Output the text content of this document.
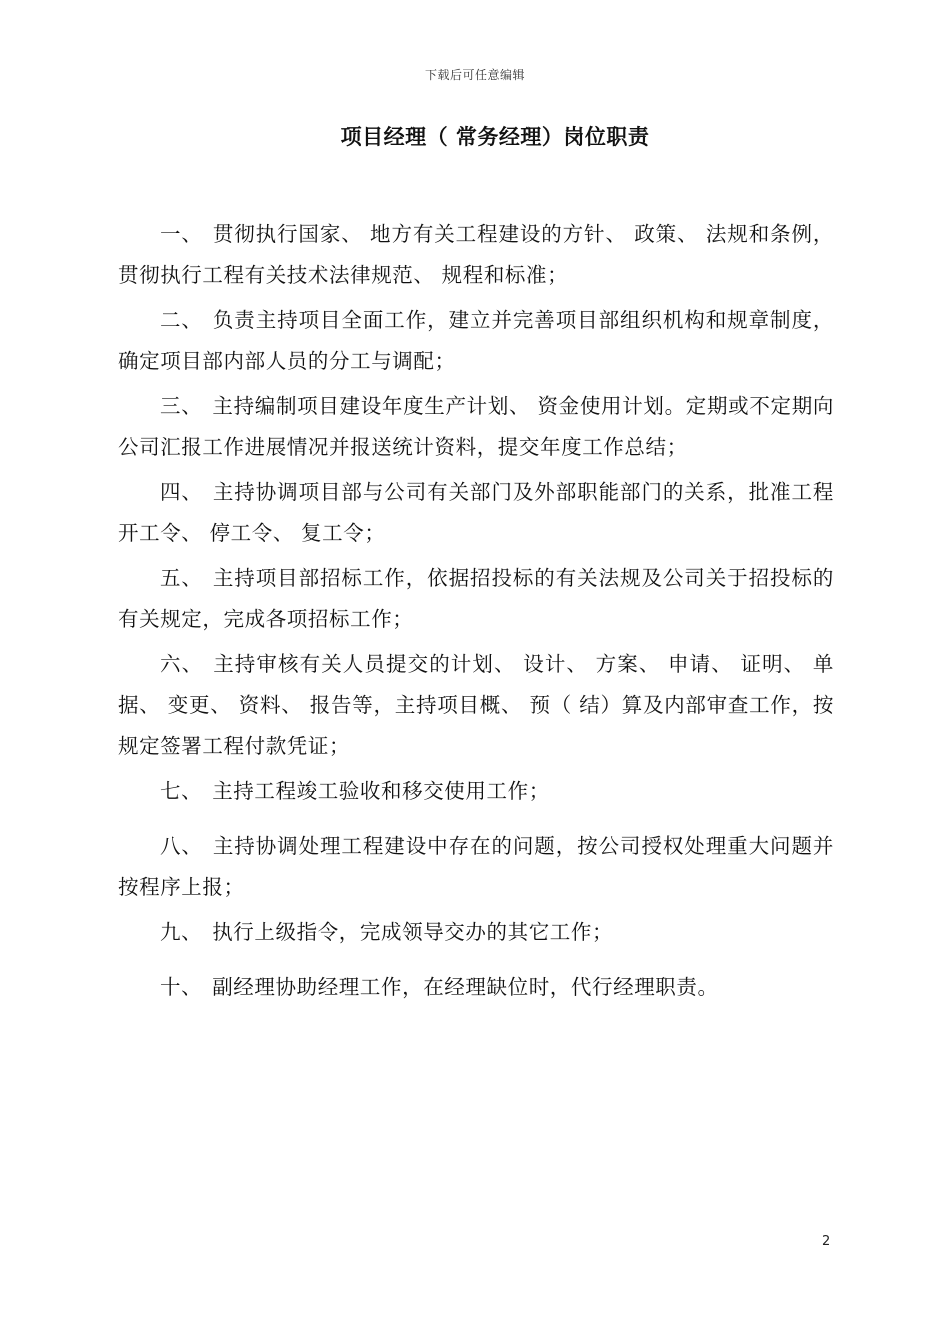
下载后可任意编辑
项目经理（ 常务经理）岗位职责

一、 贯彻执行国家、 地方有关工程建设的方针、 政策、 法规和条例，贯彻执行工程有关技术法律规范、 规程和标准；

二、 负责主持项目全面工作，建立并完善项目部组织机构和规章制度，确定项目部内部人员的分工与调配；

三、 主持编制项目建设年度生产计划、 资金使用计划。定期或不定期向公司汇报工作进展情况并报送统计资料，提交年度工作总结；

四、 主持协调项目部与公司有关部门及外部职能部门的关系，批准工程开工令、 停工令、 复工令；

五、 主持项目部招标工作，依据招投标的有关法规及公司关于招投标的有关规定，完成各项招标工作；

六、 主持审核有关人员提交的计划、 设计、 方案、 申请、 证明、 单据、 变更、 资料、 报告等，主持项目概、 预（ 结）算及内部审查工作，按规定签署工程付款凭证；

七、 主持工程竣工验收和移交使用工作；

八、 主持协调处理工程建设中存在的问题，按公司授权处理重大问题并按程序上报；

九、 执行上级指令，完成领导交办的其它工作；

十、 副经理协助经理工作，在经理缺位时，代行经理职责。

2
